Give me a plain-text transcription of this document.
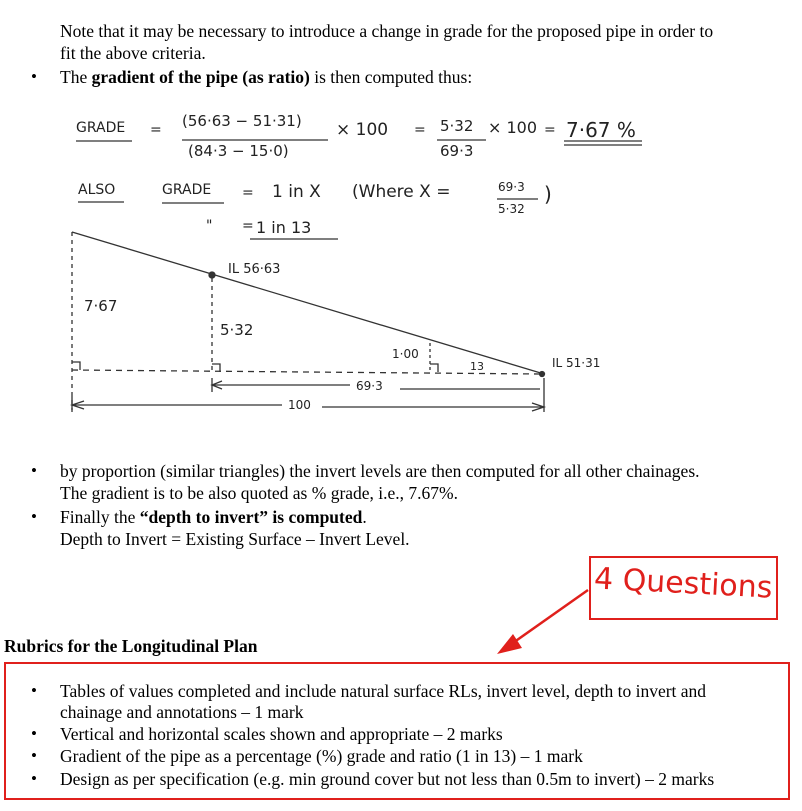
Note that it may be necessary to introduce a change in grade for the proposed pipe in order to
fit the above criteria.
• The gradient of the pipe (as ratio) is then computed thus:
GRADE = (56·63 − 51·31)
(84·3 − 15·0)
× 100 = 5·32
69·3
× 100 = 7·67 %
ALSO	GRADE = 1 in X (Where X =	69·3
5·32
)
" = 1 in 13
IL 56·63
7·67
5·32
1·00
13	IL 51·31
69·3
100
• by proportion (similar triangles) the invert levels are then computed for all other chainages.
The gradient is to be also quoted as % grade, i.e., 7.67%.
• Finally the “depth to invert” is computed.
Depth to Invert = Existing Surface – Invert Level.
4 Questions
Rubrics for the Longitudinal Plan
• Tables of values completed and include natural surface RLs, invert level, depth to invert and
chainage and annotations – 1 mark
• Vertical and horizontal scales shown and appropriate – 2 marks
• Gradient of the pipe as a percentage (%) grade and ratio (1 in 13) – 1 mark
• Design as per specification (e.g. min ground cover but not less than 0.5m to invert) – 2 marks
